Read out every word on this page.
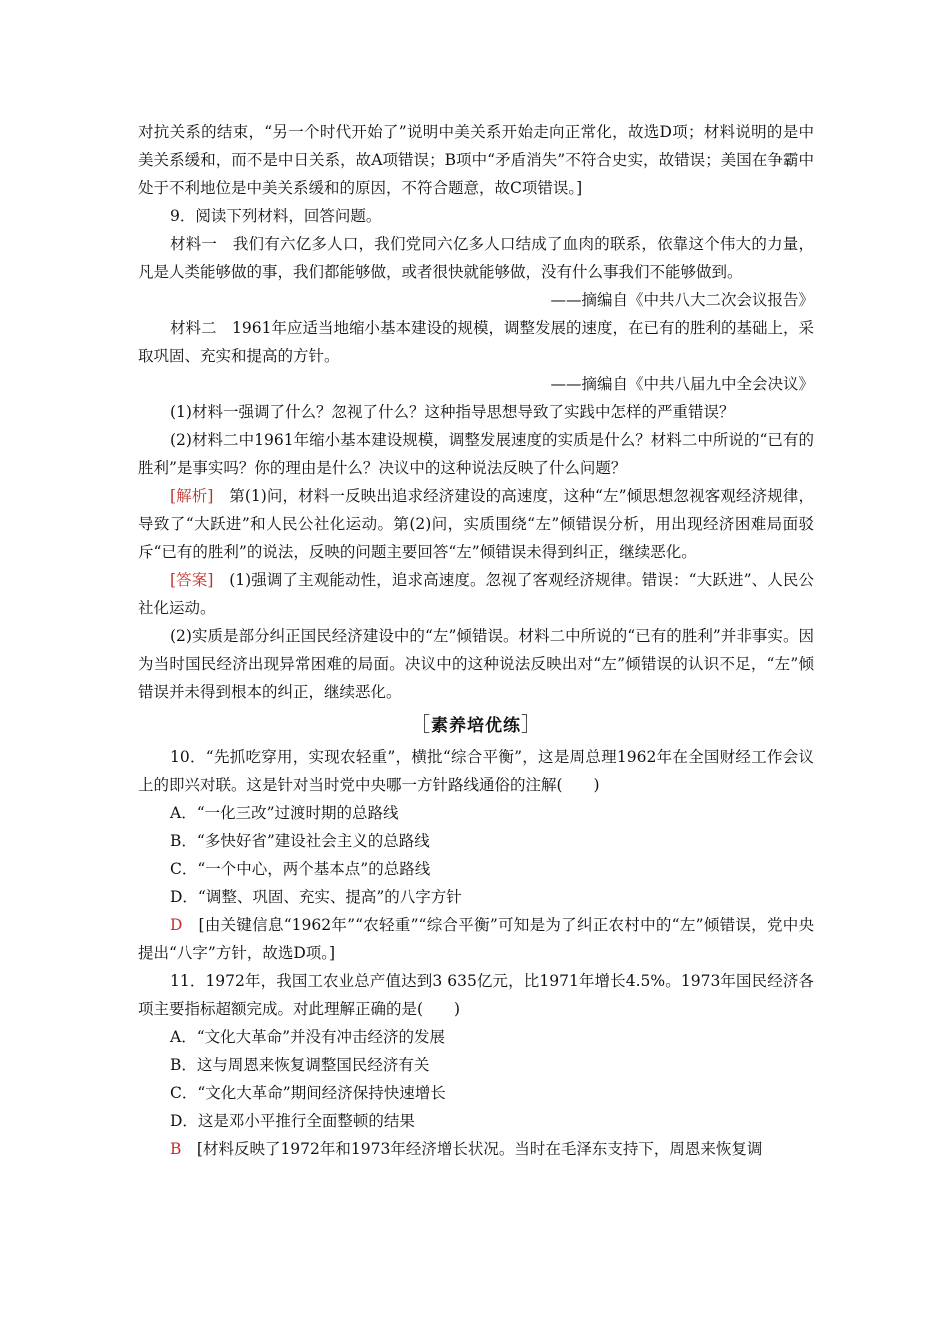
对抗关系的结束，“另一个时代开始了”说明中美关系开始走向正常化，故选D项；材料说明的是中美关系缓和，而不是中日关系，故A项错误；B项中“矛盾消失”不符合史实，故错误；美国在争霸中处于不利地位是中美关系缓和的原因，不符合题意，故C项错误。]

9．阅读下列材料，回答问题。

材料一　我们有六亿多人口，我们党同六亿多人口结成了血肉的联系，依靠这个伟大的力量，凡是人类能够做的事，我们都能够做，或者很快就能够做，没有什么事我们不能够做到。

——摘编自《中共八大二次会议报告》

材料二　1961年应适当地缩小基本建设的规模，调整发展的速度，在已有的胜利的基础上，采取巩固、充实和提高的方针。

——摘编自《中共八届九中全会决议》

(1)材料一强调了什么？忽视了什么？这种指导思想导致了实践中怎样的严重错误？

(2)材料二中1961年缩小基本建设规模，调整发展速度的实质是什么？材料二中所说的“已有的胜利”是事实吗？你的理由是什么？决议中的这种说法反映了什么问题？

[解析]　第(1)问，材料一反映出追求经济建设的高速度，这种“左”倾思想忽视客观经济规律，导致了“大跃进”和人民公社化运动。第(2)问，实质围绕“左”倾错误分析，用出现经济困难局面驳斥“已有的胜利”的说法，反映的问题主要回答“左”倾错误未得到纠正，继续恶化。

[答案]　(1)强调了主观能动性，追求高速度。忽视了客观经济规律。错误：“大跃进”、人民公社化运动。

(2)实质是部分纠正国民经济建设中的“左”倾错误。材料二中所说的“已有的胜利”并非事实。因为当时国民经济出现异常困难的局面。决议中的这种说法反映出对“左”倾错误的认识不足，“左”倾错误并未得到根本的纠正，继续恶化。

［素养培优练］

10．“先抓吃穿用，实现农轻重”，横批“综合平衡”，这是周总理1962年在全国财经工作会议上的即兴对联。这是针对当时党中央哪一方针路线通俗的注解(　　)

A．“一化三改”过渡时期的总路线

B．“多快好省”建设社会主义的总路线

C．“一个中心，两个基本点”的总路线

D．“调整、巩固、充实、提高”的八字方针

D　[由关键信息“1962年”“农轻重”“综合平衡”可知是为了纠正农村中的“左”倾错误，党中央提出“八字”方针，故选D项。]

11．1972年，我国工农业总产值达到3 635亿元，比1971年增长4.5%。1973年国民经济各项主要指标超额完成。对此理解正确的是(　　)

A．“文化大革命”并没有冲击经济的发展

B．这与周恩来恢复调整国民经济有关

C．“文化大革命”期间经济保持快速增长

D．这是邓小平推行全面整顿的结果

B　[材料反映了1972年和1973年经济增长状况。当时在毛泽东支持下，周恩来恢复调
